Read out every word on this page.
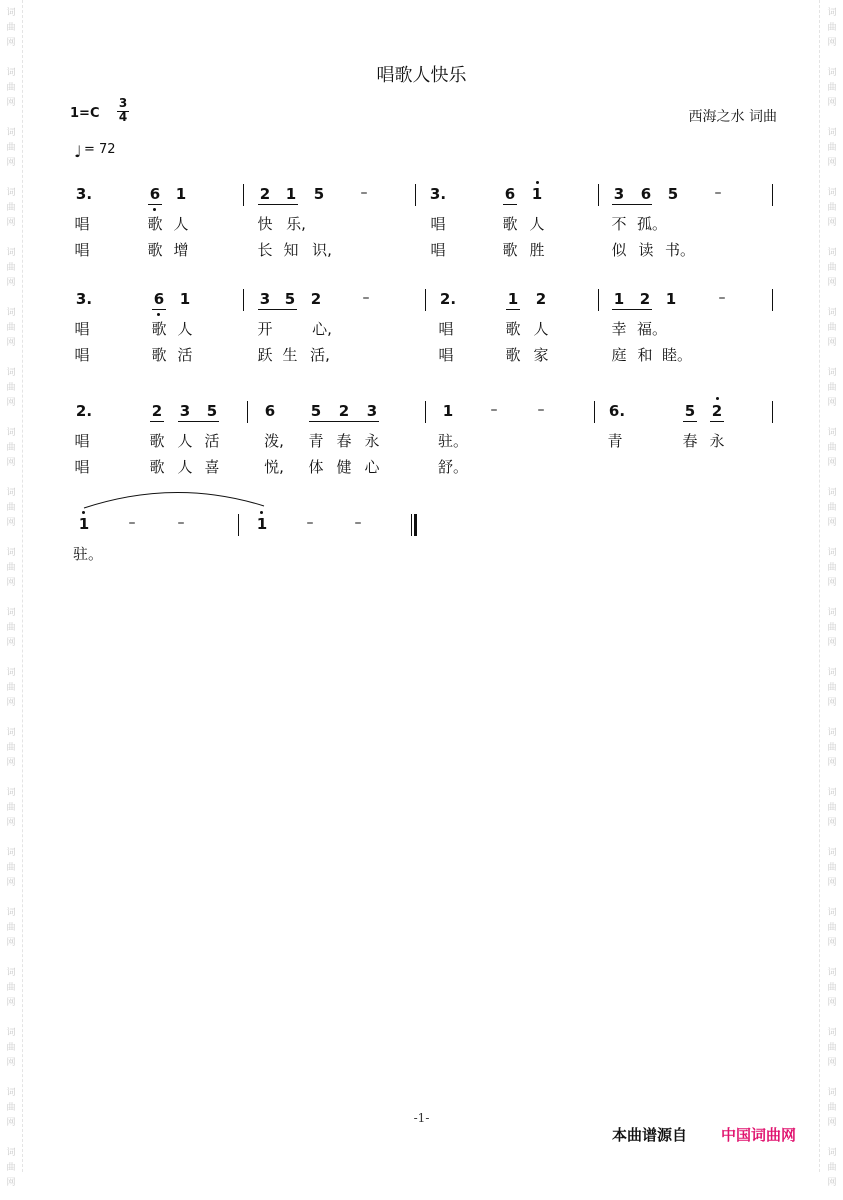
词
曲
网
词
曲
网
词
曲
网
词
曲
网
词
曲
网
词
曲
网
词
曲
网
词
曲
网
词
曲
网
词
曲
网
词
曲
网
词
曲
网
词
曲
网
词
曲
网
词
曲
网
词
曲
网
词
曲
网
词
曲
网
词
曲
网
词
曲
网
词
曲
网
词
曲
网
词
曲
网
词
曲
网
词
曲
网
词
曲
网
词
曲
网
词
曲
网
词
曲
网
词
曲
网
词
曲
网
词
曲
网
词
曲
网
词
曲
网
词
曲
网
词
曲
网
词
曲
网
词
曲
网
词
曲
网
词
曲
网
唱歌人快乐
1=C
3
4
♩ = 72
西海之水 词曲
3.	6 1	2 1 5	–	3.	6 1	3 6 5	–
唱	歌 人	快 乐,	唱	歌 人	不 孤。
唱	歌 增	长 知 识,	唱	歌 胜	似 读 书。
3.	6 1	3 5 2	–	2.	1 2	1 2 1	–
唱	歌 人	开	心,	唱	歌 人	幸 福。
唱	歌 活	跃 生 活,	唱	歌 家	庭 和 睦。
2.	2 3 5	6 5 2 3	1	–	–	6.	5 2
唱	歌 人 活	泼, 青 春 永	驻。	青	春 永
唱	歌 人 喜	悦, 体 健 心	舒。
1	–	–	1	–	–
驻。
-1-
本曲谱源自 中国词曲网
